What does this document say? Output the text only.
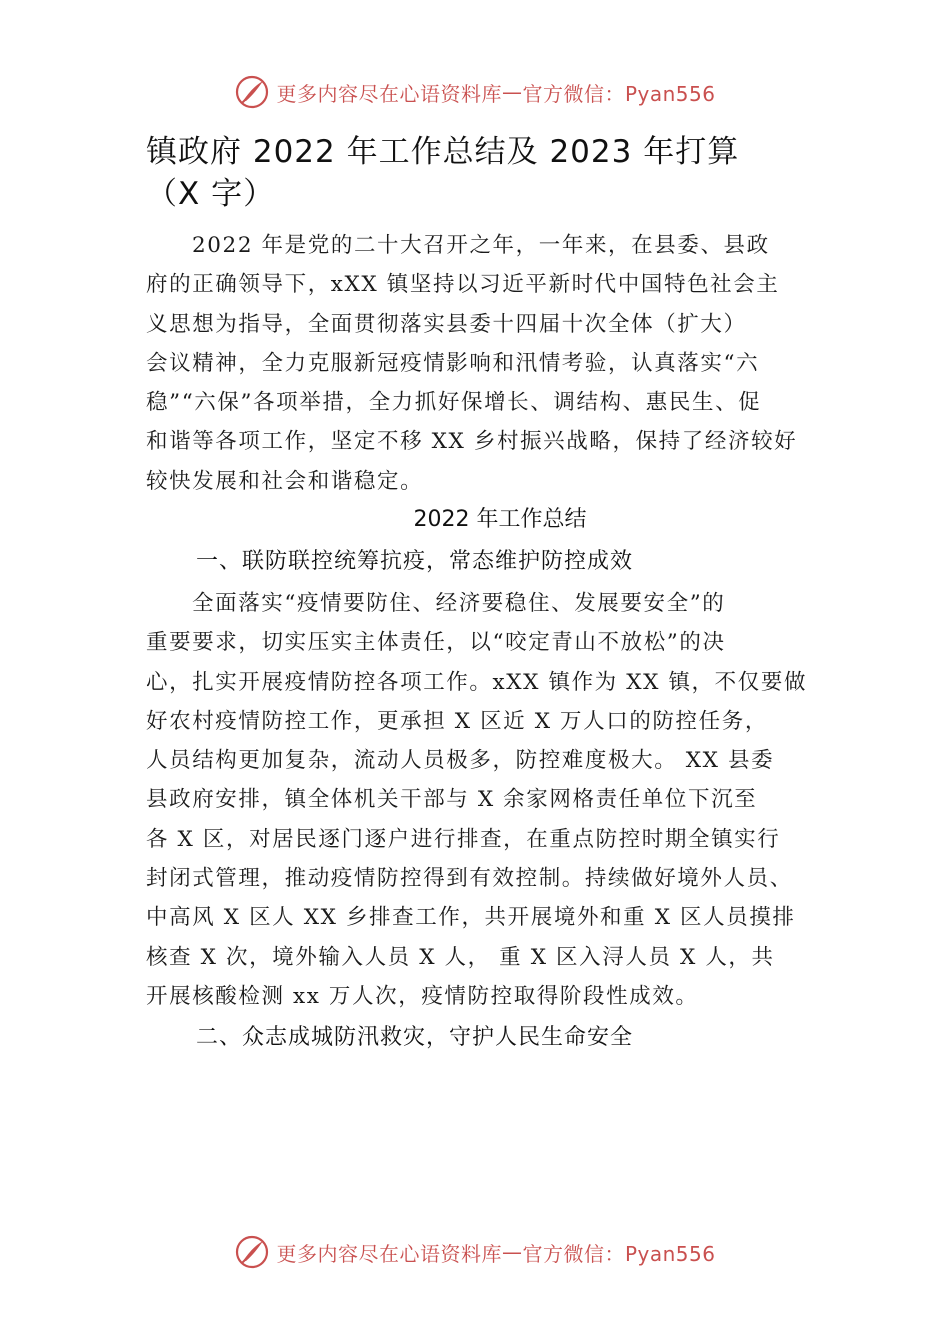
更多内容尽在心语资料库 — 官方微信：Pyan556
镇政府 2022 年工作总结及 2023 年打算
（X 字）
2022 年是党的二十大召开之年，一年来，在县委、县政
府的正确领导下，xXX 镇坚持以习近平新时代中国特色社会主
义思想为指导，全面贯彻落实县委十四届十次全体（扩大）
会议精神，全力克服新冠疫情影响和汛情考验，认真落实“六
稳”“六保”各项举措，全力抓好保增长、调结构、惠民生、促
和谐等各项工作，坚定不移 XX 乡村振兴战略，保持了经济较好
较快发展和社会和谐稳定。
2022 年工作总结
一、联防联控统筹抗疫，常态维护防控成效
全面落实“疫情要防住、经济要稳住、发展要安全”的
重要要求，切实压实主体责任，以“咬定青山不放松”的决
心，扎实开展疫情防控各项工作。xXX 镇作为 XX 镇，不仅要做
好农村疫情防控工作，更承担 X 区近 X 万人口的防控任务，
人员结构更加复杂，流动人员极多，防控难度极大。 XX 县委
县政府安排，镇全体机关干部与 X 余家网格责任单位下沉至
各 X 区，对居民逐门逐户进行排查，在重点防控时期全镇实行
封闭式管理，推动疫情防控得到有效控制。持续做好境外人员、
中高风 X 区人 XX 乡排查工作，共开展境外和重 X 区人员摸排
核查 X 次，境外输入人员 X 人， 重 X 区入浔人员 X 人，共
开展核酸检测 xx 万人次，疫情防控取得阶段性成效。
二、众志成城防汛救灾，守护人民生命安全
更多内容尽在心语资料库 — 官方微信：Pyan556
